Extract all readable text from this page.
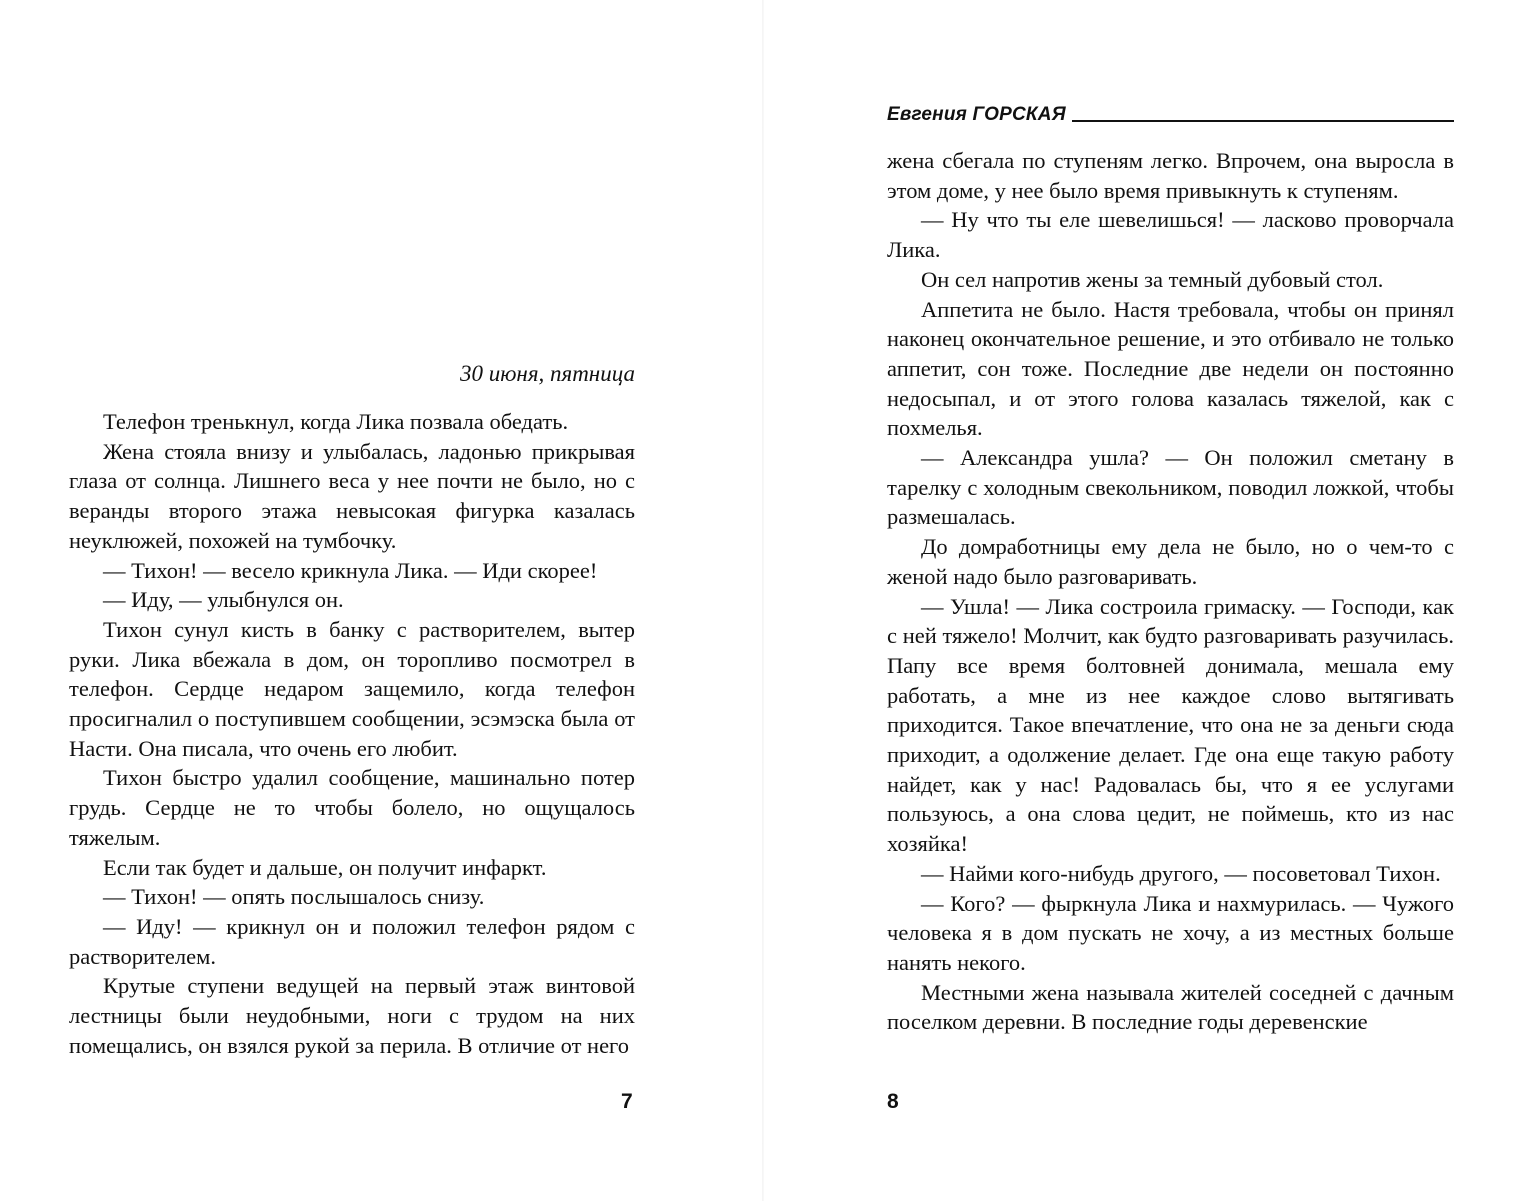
30 июня, пятница

Телефон тренькнул, когда Лика позвала обедать.

Жена стояла внизу и улыбалась, ладонью прикрывая глаза от солнца. Лишнего веса у нее почти не было, но с веранды второго этажа невысокая фигурка казалась неуклюжей, похожей на тумбочку.

— Тихон! — весело крикнула Лика. — Иди скорее!

— Иду, — улыбнулся он.

Тихон сунул кисть в банку с растворителем, вытер руки. Лика вбежала в дом, он торопливо посмотрел в телефон. Сердце недаром защемило, когда телефон просигналил о поступившем сообщении, эсэмэска была от Насти. Она писала, что очень его любит.

Тихон быстро удалил сообщение, машинально потер грудь. Сердце не то чтобы болело, но ощущалось тяжелым.

Если так будет и дальше, он получит инфаркт.

— Тихон! — опять послышалось снизу.

— Иду! — крикнул он и положил телефон рядом с растворителем.

Крутые ступени ведущей на первый этаж винтовой лестницы были неудобными, ноги с трудом на них помещались, он взялся рукой за перила. В отличие от него

7
Евгения ГОРСКАЯ

жена сбегала по ступеням легко. Впрочем, она выросла в этом доме, у нее было время привыкнуть к ступеням.

— Ну что ты еле шевелишься! — ласково проворчала Лика.

Он сел напротив жены за темный дубовый стол.

Аппетита не было. Настя требовала, чтобы он принял наконец окончательное решение, и это отбивало не только аппетит, сон тоже. Последние две недели он постоянно недосыпал, и от этого голова казалась тяжелой, как с похмелья.

— Александра ушла? — Он положил сметану в тарелку с холодным свекольником, поводил ложкой, чтобы размешалась.

До домработницы ему дела не было, но о чем-то с женой надо было разговаривать.

— Ушла! — Лика состроила гримаску. — Господи, как с ней тяжело! Молчит, как будто разговаривать разучилась. Папу все время болтовней донимала, мешала ему работать, а мне из нее каждое слово вытягивать приходится. Такое впечатление, что она не за деньги сюда приходит, а одолжение делает. Где она еще такую работу найдет, как у нас! Радовалась бы, что я ее услугами пользуюсь, а она слова цедит, не поймешь, кто из нас хозяйка!

— Найми кого-нибудь другого, — посоветовал Тихон.

— Кого? — фыркнула Лика и нахмурилась. — Чужого человека я в дом пускать не хочу, а из местных больше нанять некого.

Местными жена называла жителей соседней с дачным поселком деревни. В последние годы деревенские

8
